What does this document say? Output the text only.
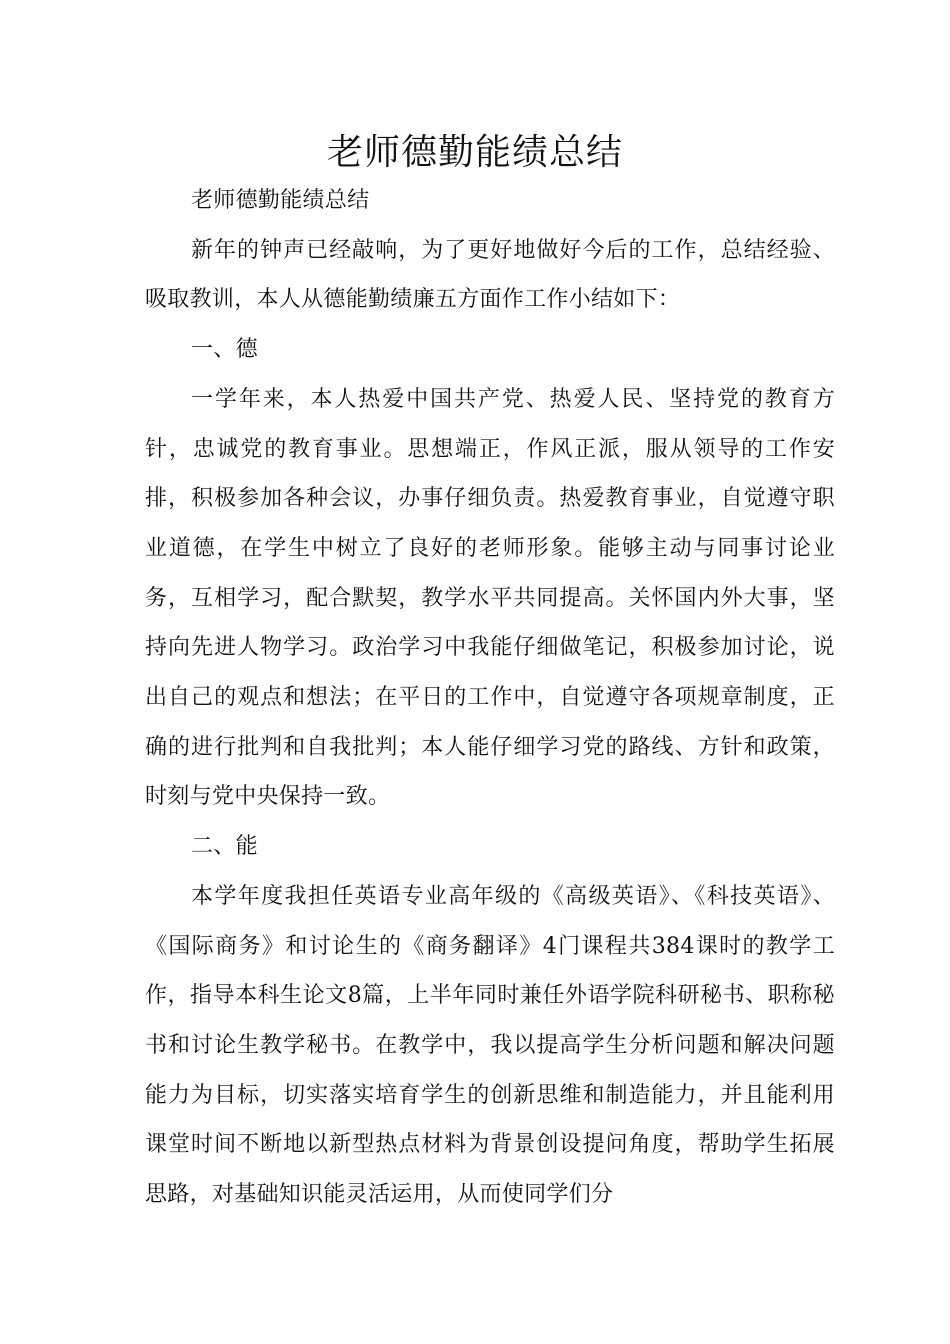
老师德勤能绩总结

老师德勤能绩总结

新年的钟声已经敲响，为了更好地做好今后的工作，总结经验、吸取教训，本人从德能勤绩廉五方面作工作小结如下：

一、德

一学年来，本人热爱中国共产党、热爱人民、坚持党的教育方针，忠诚党的教育事业。思想端正，作风正派，服从领导的工作安排，积极参加各种会议，办事仔细负责。热爱教育事业，自觉遵守职业道德，在学生中树立了良好的老师形象。能够主动与同事讨论业务，互相学习，配合默契，教学水平共同提高。关怀国内外大事，坚持向先进人物学习。政治学习中我能仔细做笔记，积极参加讨论，说出自己的观点和想法；在平日的工作中，自觉遵守各项规章制度，正确的进行批判和自我批判；本人能仔细学习党的路线、方针和政策，时刻与党中央保持一致。

二、能

本学年度我担任英语专业高年级的《高级英语》、《科技英语》、《国际商务》和讨论生的《商务翻译》4门课程共384课时的教学工作，指导本科生论文8篇，上半年同时兼任外语学院科研秘书、职称秘书和讨论生教学秘书。在教学中，我以提高学生分析问题和解决问题能力为目标，切实落实培育学生的创新思维和制造能力，并且能利用课堂时间不断地以新型热点材料为背景创设提问角度，帮助学生拓展思路，对基础知识能灵活运用，从而使同学们分
